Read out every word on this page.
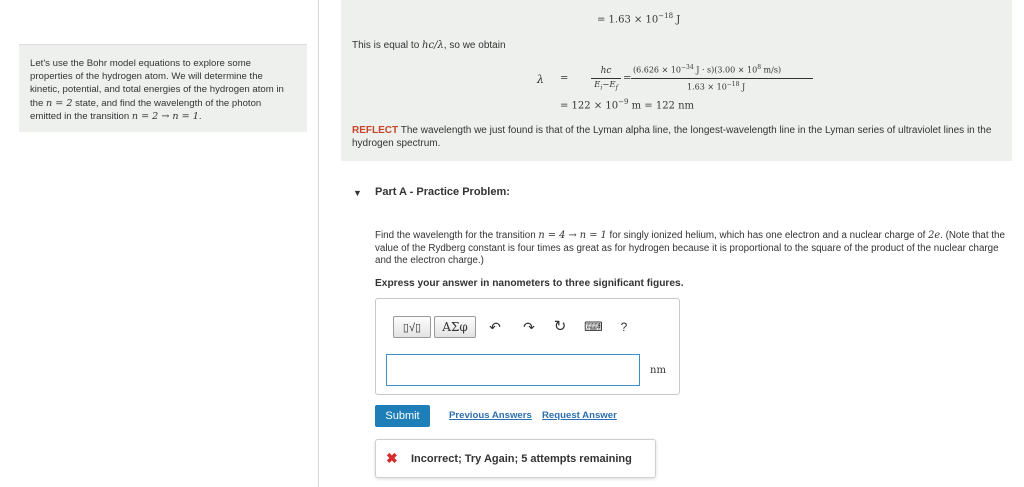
Let's use the Bohr model equations to explore some properties of the hydrogen atom. We will determine the kinetic, potential, and total energies of the hydrogen atom in the n = 2 state, and find the wavelength of the photon emitted in the transition n = 2 → n = 1.
= $1.63 \times 10^{-18}$ J
This is equal to hc/λ, so we obtain
λ =
hc
$E_i-E_f$
=
($6.626 \times 10^{-34}$ $J \cdot s)(3.00 \times 10^8$ m/s)
$1.63 \times 10^{-18}$ J
= $122 \times 10^{-9}$ m = 122 nm
REFLECT The wavelength we just found is that of the Lyman alpha line, the longest-wavelength line in the Lyman series of ultraviolet lines in the hydrogen spectrum.
▼ Part A - Practice Problem:
Find the wavelength for the transition n = 4 → n = 1 for singly ionized helium, which has one electron and a nuclear charge of 2e. (Note that the value of the Rydberg constant is four times as great as for hydrogen because it is proportional to the square of the product of the nuclear charge and the electron charge.)
Express your answer in nanometers to three significant figures.
▯√▯	ΑΣφ	↶ ↷ ↻ ⌨	?
nm
Submit	Previous Answers Request Answer
✖ Incorrect; Try Again; 5 attempts remaining
